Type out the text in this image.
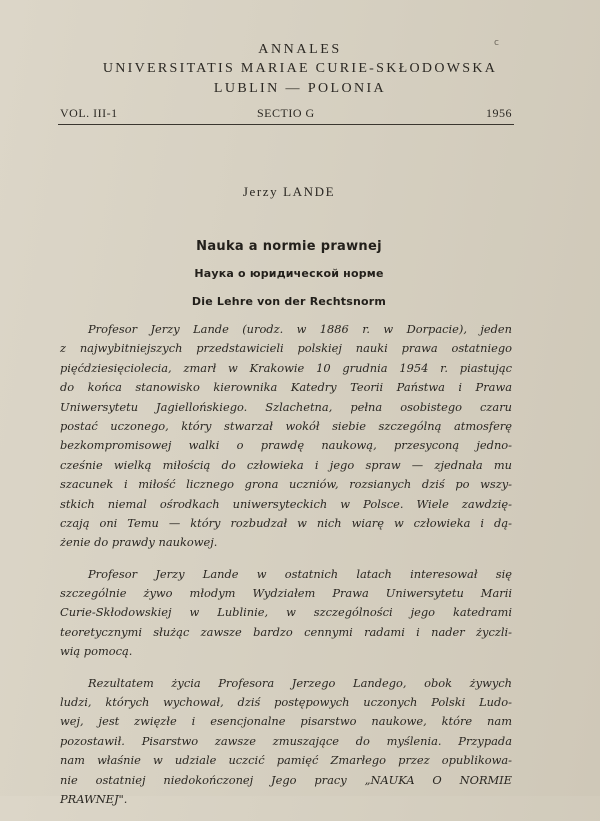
с
ANNALES
UNIVERSITATIS MARIAE CURIE-SKŁODOWSKA
LUBLIN — POLONIA
VOL. III-1	SECTIO G	1956
Jerzy LANDE
Nauka a normie prawnej
Наука о юридической норме
Die Lehre von der Rechtsnorm
Profesor Jerzy Lande (urodz. w 1886 r. w Dorpacie), jeden
z najwybitniejszych przedstawicieli polskiej nauki prawa ostatniego
pięćdziesięciolecia, zmarł w Krakowie 10 grudnia 1954 r. piastując
do końca stanowisko kierownika Katedry Teorii Państwa i Prawa
Uniwersytetu Jagiellońskiego. Szlachetna, pełna osobistego czaru
postać uczonego, który stwarzał wokół siebie szczególną atmosferę
bezkompromisowej walki o prawdę naukową, przesyconą jedno-
cześnie wielką miłością do człowieka i jego spraw — zjednała mu
szacunek i miłość licznego grona uczniów, rozsianych dziś po wszy-
stkich niemal ośrodkach uniwersyteckich w Polsce. Wiele zawdzię-
czają oni Temu — który rozbudzał w nich wiarę w człowieka i dą-
żenie do prawdy naukowej.
Profesor Jerzy Lande w ostatnich latach interesował się
szczególnie żywo młodym Wydziałem Prawa Uniwersytetu Marii
Curie-Skłodowskiej w Lublinie, w szczególności jego katedrami
teoretycznymi służąc zawsze bardzo cennymi radami i nader życzli-
wią pomocą.
Rezultatem życia Profesora Jerzego Landego, obok żywych
ludzi, których wychował, dziś postępowych uczonych Polski Ludo-
wej, jest zwięzłe i esencjonalne pisarstwo naukowe, które nam
pozostawił. Pisarstwo zawsze zmuszające do myślenia. Przypada
nam właśnie w udziale uczcić pamięć Zmarłego przez opublikowa-
nie ostatniej niedokończonej Jego pracy „NAUKA O NORMIE
PRAWNEJ".
